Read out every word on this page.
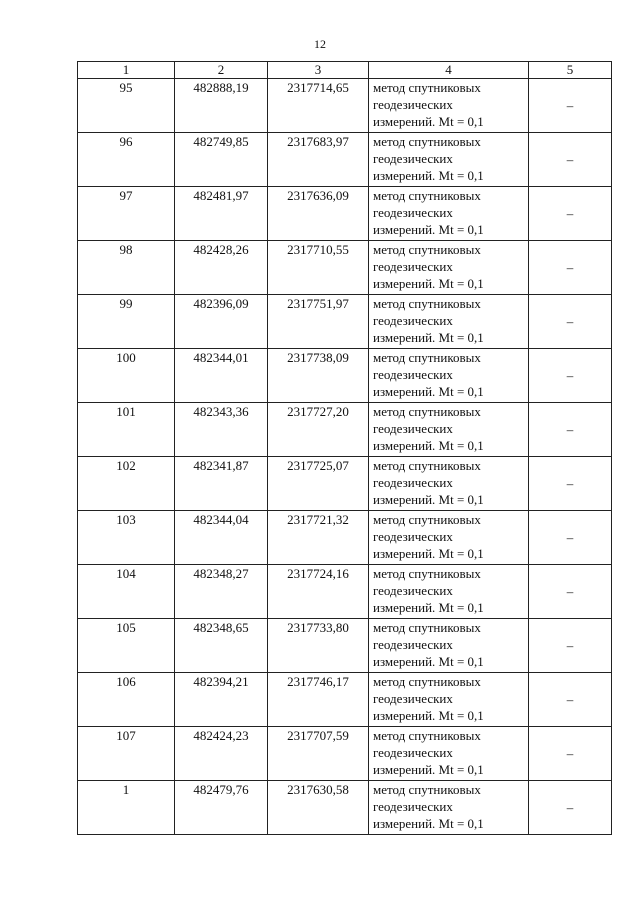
12
1	2	3	4	5
95	482888,19	2317714,65	метод спутниковых
геодезических
измерений. Mt = 0,1	–
96	482749,85	2317683,97	метод спутниковых
геодезических
измерений. Mt = 0,1	–
97	482481,97	2317636,09	метод спутниковых
геодезических
измерений. Mt = 0,1	–
98	482428,26	2317710,55	метод спутниковых
геодезических
измерений. Mt = 0,1	–
99	482396,09	2317751,97	метод спутниковых
геодезических
измерений. Mt = 0,1	–
100	482344,01	2317738,09	метод спутниковых
геодезических
измерений. Mt = 0,1	–
101	482343,36	2317727,20	метод спутниковых
геодезических
измерений. Mt = 0,1	–
102	482341,87	2317725,07	метод спутниковых
геодезических
измерений. Mt = 0,1	–
103	482344,04	2317721,32	метод спутниковых
геодезических
измерений. Mt = 0,1	–
104	482348,27	2317724,16	метод спутниковых
геодезических
измерений. Mt = 0,1	–
105	482348,65	2317733,80	метод спутниковых
геодезических
измерений. Mt = 0,1	–
106	482394,21	2317746,17	метод спутниковых
геодезических
измерений. Mt = 0,1	–
107	482424,23	2317707,59	метод спутниковых
геодезических
измерений. Mt = 0,1	–
1	482479,76	2317630,58	метод спутниковых
геодезических
измерений. Mt = 0,1	–
